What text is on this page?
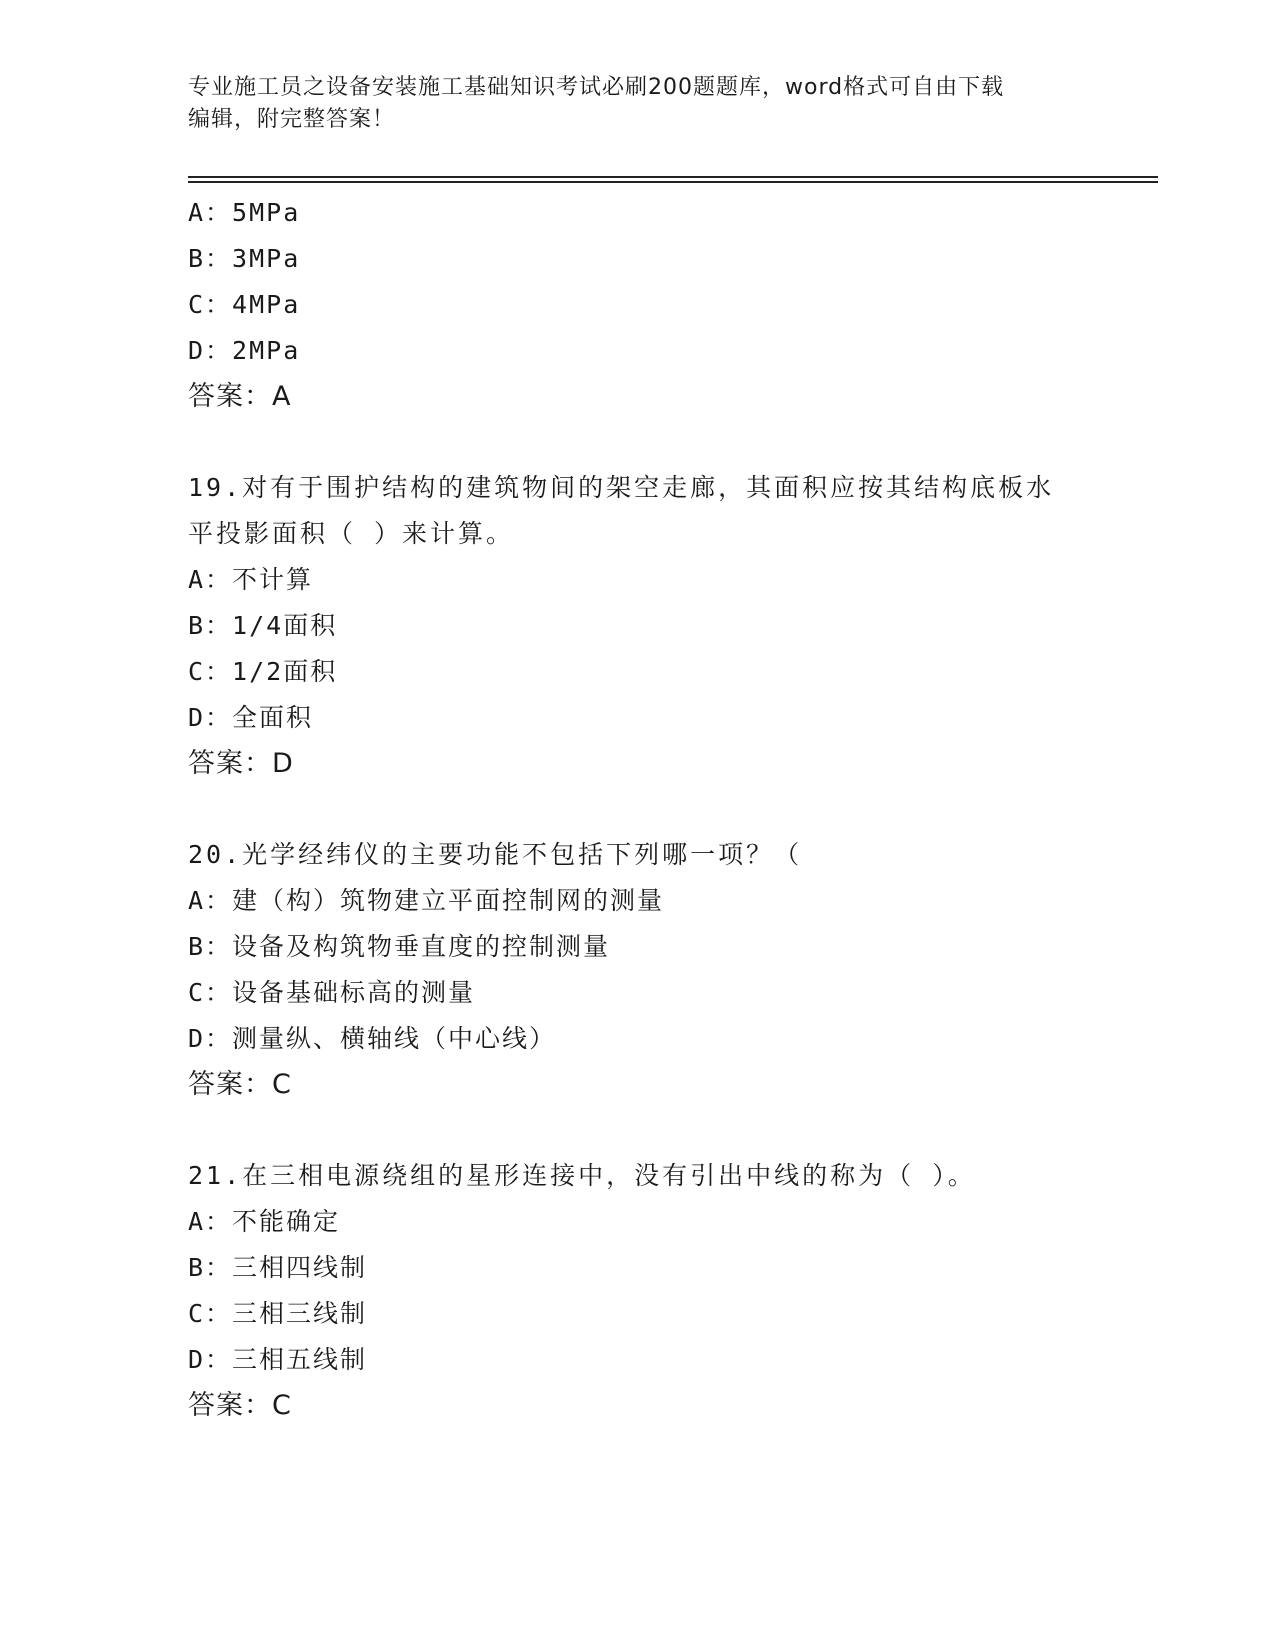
专业施工员之设备安装施工基础知识考试必刷200题题库，word格式可自由下载
编辑，附完整答案！
A：5MPa
B：3MPa
C：4MPa
D：2MPa
答案：A
19.对有于围护结构的建筑物间的架空走廊，其面积应按其结构底板水
平投影面积（ ）来计算。
A：不计算
B：1/4面积
C：1/2面积
D：全面积
答案：D
20.光学经纬仪的主要功能不包括下列哪一项？（
A：建（构）筑物建立平面控制网的测量
B：设备及构筑物垂直度的控制测量
C：设备基础标高的测量
D：测量纵、横轴线（中心线）
答案：C
21.在三相电源绕组的星形连接中，没有引出中线的称为（ ）。
A：不能确定
B：三相四线制
C：三相三线制
D：三相五线制
答案：C
